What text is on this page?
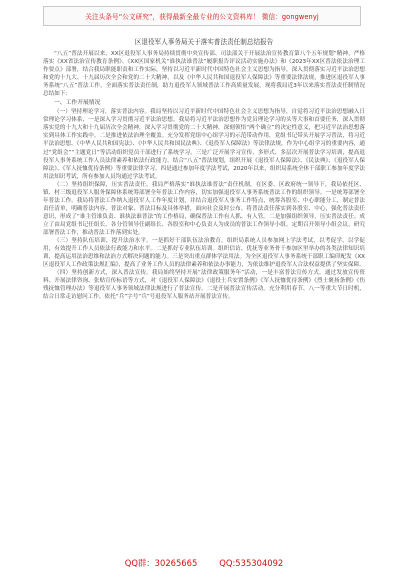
关注头条号“公文研究”，获得最新全最专业的公文资料库！ 微信：gongwenyj
区退役军人事务局关于落实普法责任制总结报告

“八五”普法开展以来，XX区退役军人事务局持续贯彻中央宣传部、司法部关于开展法治宣传教育第八个五年规划”精神，严格落实《XX省法治宣传教育条例》、《XX区国家机关“谁执法谁普法”履职报告评议活动实施办法》和《2023年XX区普法依法治理工作要点》部署，结合我局职能职责和工作实际，坚持以习近平新时代中国特色社会主义思想为指导，深入贯彻落实习近平法治思想和党的十九大、十九届历次全会和党的二十大精神，以及《中华人民共和国退役军人保障法》等重要法律法规，推进区退役军人事务系统“八五”普法工作，全面落实普法责任制，助力退役军人领域普法工作高质量发展，现将我局近3年以来落实普法责任制情况总结如下：

一、工作开展情况

（一）坚持理论学习，落实普法内容。我局坚持以习近平新时代中国特色社会主义思想为指导，自觉将习近平法治思想融入日常理论学习体系，一是深入学习贯彻习近平法治思想。我局将习近平法治思想作为党员理论学习的头等大事和首要任务，深入贯彻落实党的十九大和十九届历次全会精神，深入学习贯彻党的二十大精神，深刻领悟“两个确立”的决定性意义，把习近平法治思想落实到具体工作实践中。二是推进依法治理全覆盖。充分发挥党组中心组学习的示范带动作用，党组书记带头开展学习普法，将习近平法治思想、《中华人民共和国宪法》、《中华人民共和国民法典》、《退役军人保障法》等法律法规，作为中心组学习的重要内容，通过“党组会”“主题党日”等活动组织党员干部进行了系统学习。三是广泛开展学习宣传、多形式、多层次开展普法学习培训，提高退役军人事务系统工作人员法律素养和依法行政能力。结合“八五”普法规划，组织开展《退役军人保障法》、《民法典》、《退役军人保障法》、《军人抚恤优待条例》等重要法律学习。四是通过参加年度学法考试，2020年以来，组织局系统全体干部职工参加年度学法用法知识考试，所有参加人员均通过学法考试。

（二）坚持组织保障，压实普法责任。我局严格落实“谁执法谁普法”责任机制，在区委、区政府统一领导下，我局依托区、镇、村三级退役军人服务保障体系统筹部署全年普法工作内容，切实加强退役军人事务系统普法工作的组织领导。一是统筹部署全年普法工作。我局将普法工作纳入退役军人工作年度计划，并结合退役军人事务工作特点，统筹各股室、中心职能分工，制定普法责任清单，明确普法内容、普法对象、普法目标及具体举措，面向社会及时公布。将普法责任落实到各股室、中心，强化普法责任意识，形成了“谁主管谁负责、谁执法谁普法”的工作格局，确保普法工作有人抓、有人管。二是加强组织领导，压实普法责任。成立了由局党组书记任组长、各分管领导任副组长、各股室和中心负责人为成员的普法工作领导小组，定期召开领导小组会议，研究部署普法工作，推动普法工作落到实处。

（三）坚持队伍培训，提升法治水平。一是抓好干部队伍法治教育。组织局系统人员参加网上学法考试，以考促学、以学促用，有效提升工作人员依法行政能力和水平。二是抓好专业队伍培训。组织信访、优抚等业务骨干参加区里举办的各类法律知识培训，提高运用法治思维和法治方式解决问题的能力。三是突出重点群体学法用法。为全区退役军人事务系统干部职工编印配发《XX区退役军人工作政策法规汇编》，提高了业务工作人员的法律素养和依法办事能力，为依法维护退役军人合法权益提供了坚实保障。

（四）坚持创新方式，深入普法宣传。我局始终坚持开展“法律政策服务年”活动，一是丰富普法宣传方式。通过发放宣传资料、开展法律咨询、张贴宣传标语等方式，对《退役军人保障法》《退役士兵安置条例》《军人抚恤优待条例》《烈士褒扬条例》《伤残抚恤管理办法》等退役军人事务领域法律法规进行了普法宣传。二是开展普法宣传活动。充分利用春节、八一等重大节日时机，结合日常走访慰问工作，依托“兵”字号“兵”号退役军人服务站开展普法宣传。

QQ群：30265665	QQ:535304092
